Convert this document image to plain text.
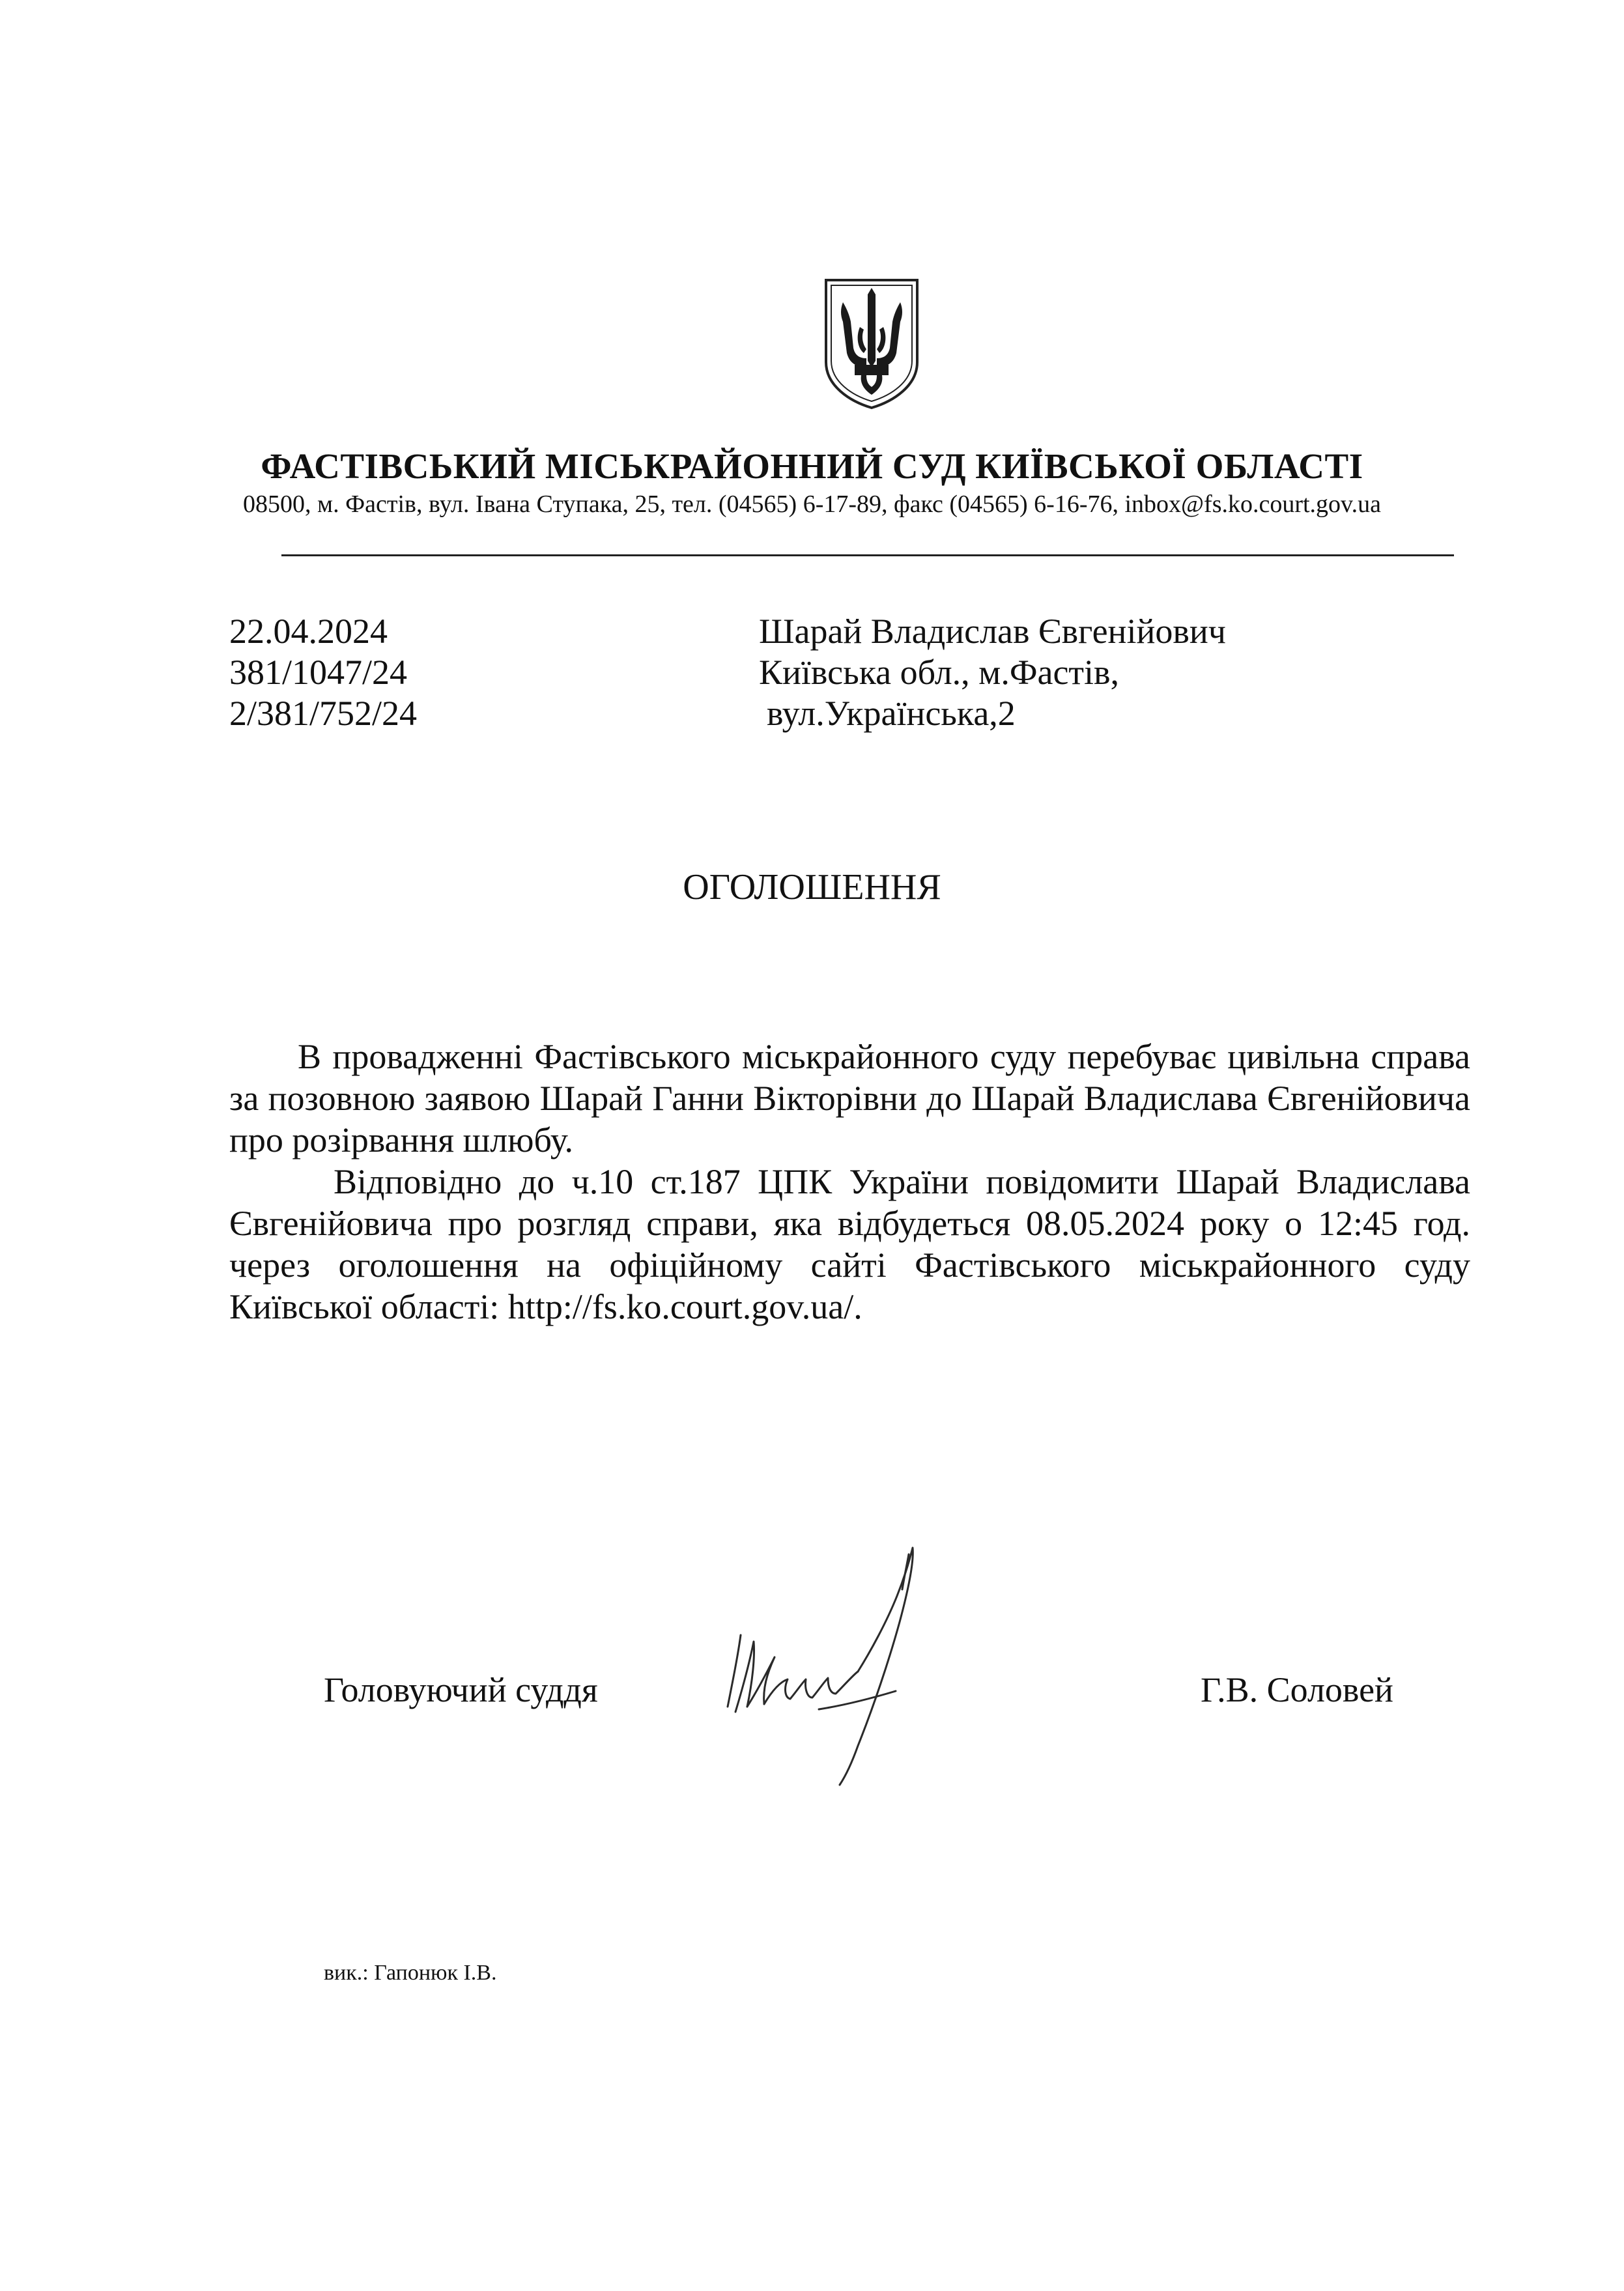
ФАСТІВСЬКИЙ МІСЬКРАЙОННИЙ СУД КИЇВСЬКОЇ ОБЛАСТІ
08500, м. Фастів, вул. Івана Ступака, 25, тел. (04565) 6-17-89, факс (04565) 6-16-76, inbox@fs.ko.court.gov.ua
22.04.2024
381/1047/24
2/381/752/24
Шарай Владислав Євгенійович
Київська обл., м.Фастів,
вул.Українська,2
ОГОЛОШЕННЯ

В провадженні Фастівського міськрайонного суду перебуває цивільна справа за позовною заявою Шарай Ганни Вікторівни до Шарай Владислава Євгенійовича про розірвання шлюбу.

Відповідно до ч.10 ст.187 ЦПК України повідомити Шарай Владислава Євгенійовича про розгляд справи, яка відбудеться 08.05.2024 року о 12:45 год. через оголошення на офіційному сайті Фастівського міськрайонного суду Київської області: http://fs.ko.court.gov.ua/.

Головуючий суддя	Г.В. Соловей
вик.: Гапонюк І.В.
